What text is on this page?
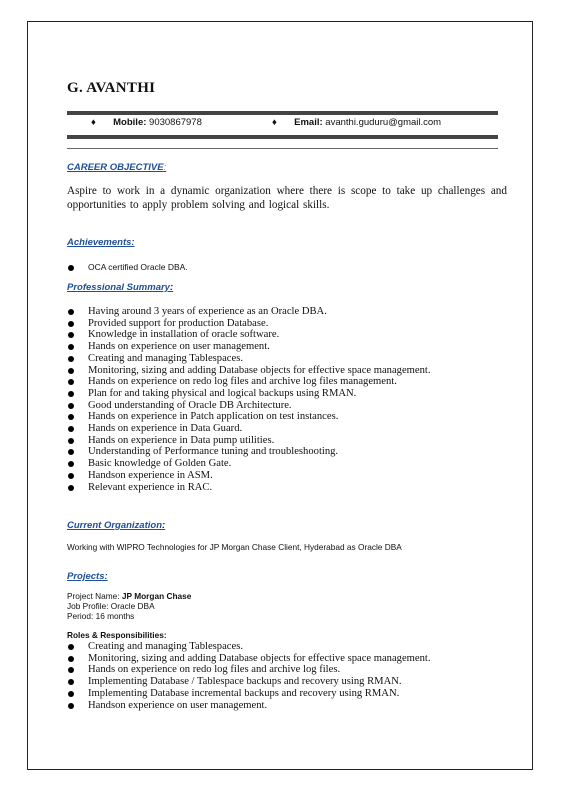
G. AVANTHI
♦ Mobile: 9030867978	♦ Email: avanthi.guduru@gmail.com
CAREER OBJECTIVE:
Aspire to work in a dynamic organization where there is scope to take up challenges and opportunities to apply problem solving and logical skills.
Achievements:
OCA certified Oracle DBA.
Professional Summary:
Having around 3 years of experience as an Oracle DBA.
Provided support for production Database.
Knowledge in installation of oracle software.
Hands on experience on user management.
Creating and managing Tablespaces.
Monitoring, sizing and adding Database objects for effective space management.
Hands on experience on redo log files and archive log files management.
Plan for and taking physical and logical backups using RMAN.
Good understanding of Oracle DB Architecture.
Hands on experience in Patch application on test instances.
Hands on experience in Data Guard.
Hands on experience in Data pump utilities.
Understanding of Performance tuning and troubleshooting.
Basic knowledge of Golden Gate.
Handson experience in ASM.
Relevant experience in RAC.
Current Organization:
Working with WIPRO Technologies for JP Morgan Chase Client, Hyderabad as Oracle DBA
Projects:
Project Name: JP Morgan Chase
Job Profile: Oracle DBA
Period: 16 months
Roles & Responsibilities:
Creating and managing Tablespaces.
Monitoring, sizing and adding Database objects for effective space management.
Hands on experience on redo log files and archive log files.
Implementing Database / Tablespace backups and recovery using RMAN.
Implementing Database incremental backups and recovery using RMAN.
Handson experience on user management.
